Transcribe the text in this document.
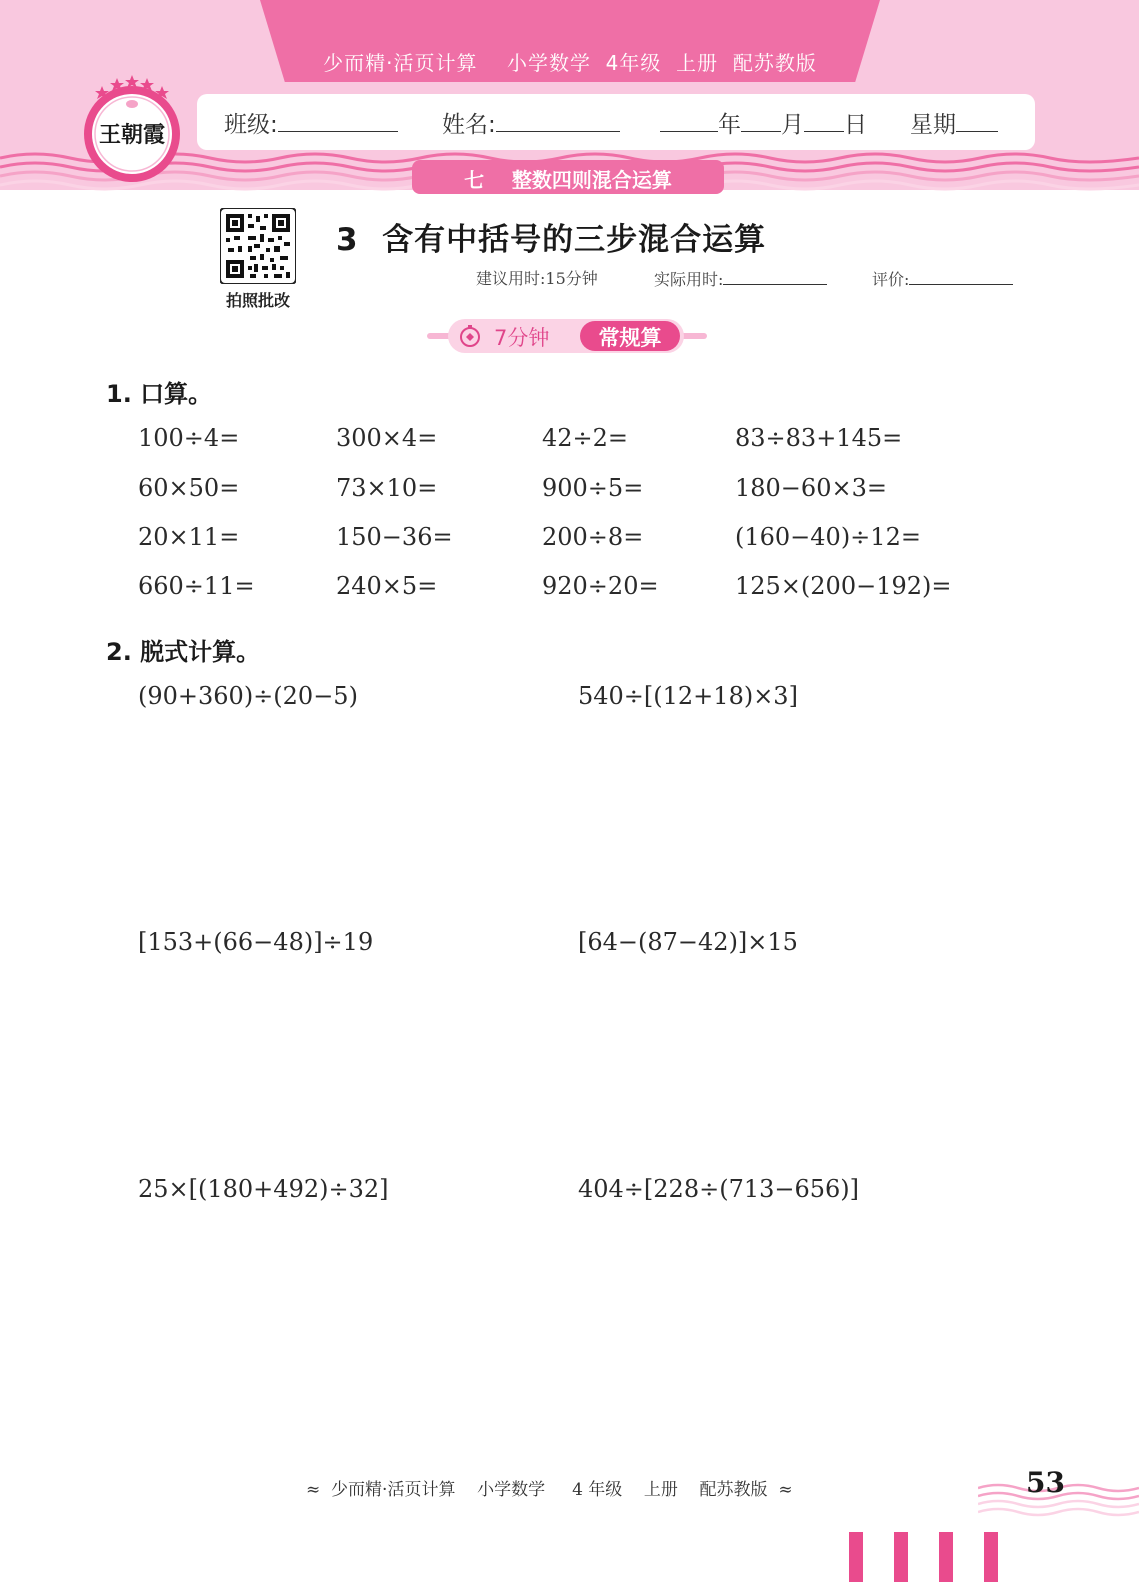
少而精·活页计算    小学数学  4年级  上册  配苏教版
班级:	姓名:	年 月 日 星期
七    整数四则混合运算
王朝霞
拍照批改
3  含有中括号的三步混合运算
建议用时:15分钟	实际用时:	评价:
7分钟	常规算
1. 口算。
100÷4=	300×4=	42÷2=	83÷83+145=
60×50=	73×10=	900÷5=	180−60×3=
20×11=	150−36=	200÷8=	(160−40)÷12=
660÷11=	240×5=	920÷20=	125×(200−192)=
2. 脱式计算。
(90+360)÷(20−5)	540÷[(12+18)×3]
[153+(66−48)]÷19	[64−(87−42)]×15
25×[(180+492)÷32]	404÷[228÷(713−656)]
≈  少而精·活页计算    小学数学     4 年级    上册    配苏教版  ≈	53
